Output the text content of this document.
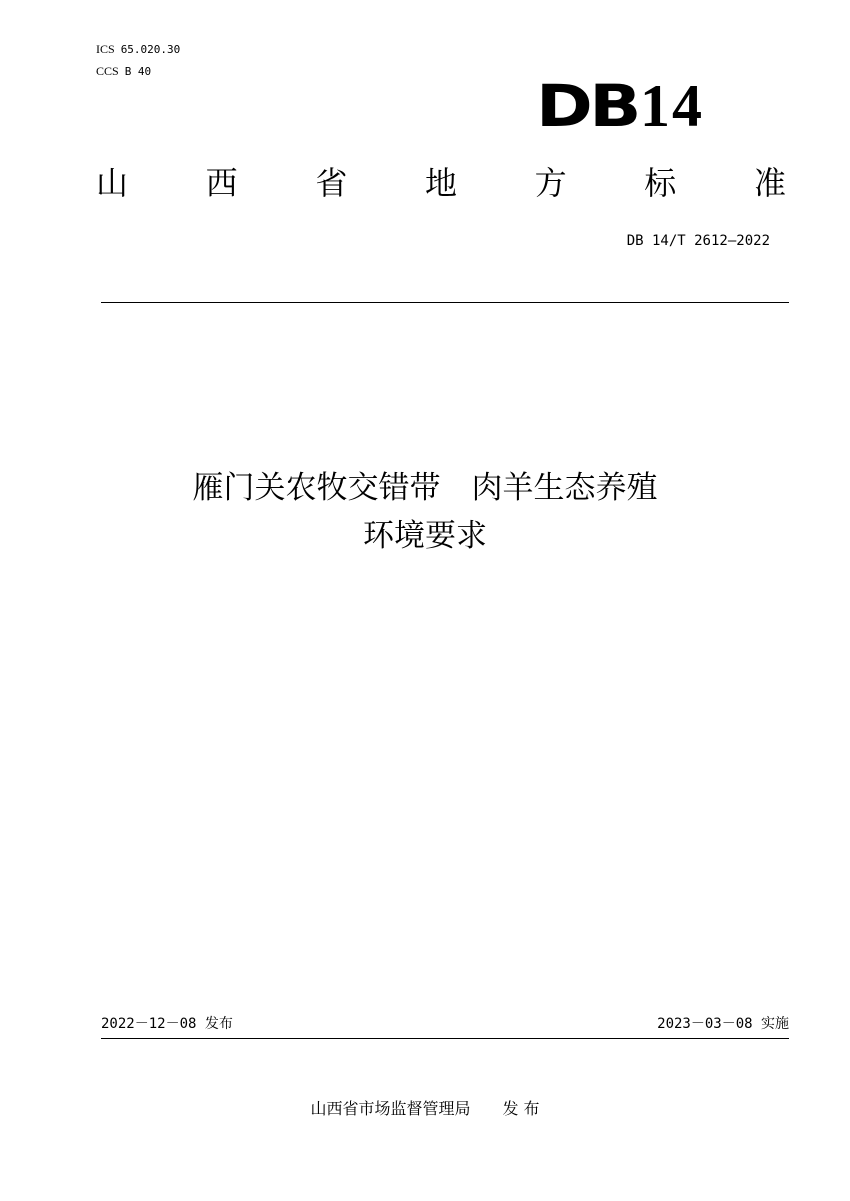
ICS 65.020.30
CCS B 40
DB 14
山 西 省 地 方 标 准
DB 14/T 2612—2022
雁门关农牧交错带　肉羊生态养殖
环境要求
2022－12－08 发布	2023－03－08 实施
山西省市场监督管理局　　发 布
